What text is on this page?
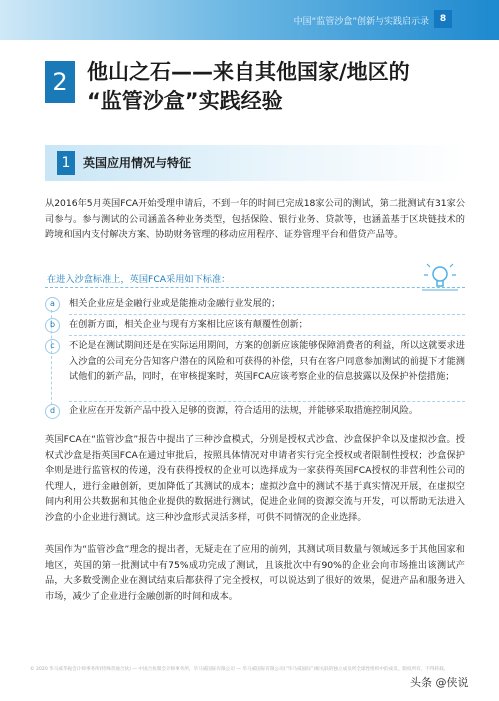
中国“监管沙盒”创新与实践启示录	8
2 他山之石——来自其他国家/地区的
“监管沙盒”实践经验
1	英国应用情况与特征
从2016年5月英国FCA开始受理申请后，不到一年的时间已完成18家公司的测试，第二批测试有31家公司参与。参与测试的公司涵盖各种业务类型，包括保险、银行业务、贷款等，也涵盖基于区块链技术的跨境和国内支付解决方案、协助财务管理的移动应用程序、证券管理平台和借贷产品等。
在进入沙盒标准上，英国FCA采用如下标准：
a	相关企业应是金融行业或是能推动金融行业发展的；
b	在创新方面，相关企业与现有方案相比应该有颠覆性创新；
c	不论是在测试期间还是在实际运用期间，方案的创新应该能够保障消费者的利益，所以这就要求进入沙盒的公司充分告知客户潜在的风险和可获得的补偿，只有在客户同意参加测试的前提下才能测试他们的新产品，同时，在审核提案时，英国FCA应该考察企业的信息披露以及保护补偿措施；
d	企业应在开发新产品中投入足够的资源，符合适用的法规，并能够采取措施控制风险。
英国FCA在“监管沙盒”报告中提出了三种沙盒模式，分别是授权式沙盒、沙盒保护伞以及虚拟沙盒。授权式沙盒是指英国FCA在通过审批后，按照具体情况对申请者实行完全授权或者限制性授权；沙盒保护伞则是进行监管权的传递，没有获得授权的企业可以选择成为一家获得英国FCA授权的非营利性公司的代理人，进行金融创新，更加降低了其测试的成本；虚拟沙盒中的测试不基于真实情况开展，在虚拟空间内利用公共数据和其他企业提供的数据进行测试，促进企业间的资源交流与开发，可以帮助无法进入沙盒的小企业进行测试。这三种沙盒形式灵活多样，可供不同情况的企业选择。
英国作为“监管沙盒”理念的提出者，无疑走在了应用的前列，其测试项目数量与领域远多于其他国家和地区，英国的第一批测试中有75%成功完成了测试，且该批次中有90%的企业会向市场推出该测试产品，大多数受测企业在测试结束后都获得了完全授权，可以说达到了很好的效果，促进产品和服务进入市场，减少了企业进行金融创新的时间和成本。
© 2020 毕马威华振会计师事务所(特殊普通合伙) — 中国合伙制会计师事务所，毕马威国际有限公司 — 毕马威国际有限公司(“毕马威国际”)相关联的独立成员所全球性组织中的成员。版权所有，不得转载。
头条 @侠说
